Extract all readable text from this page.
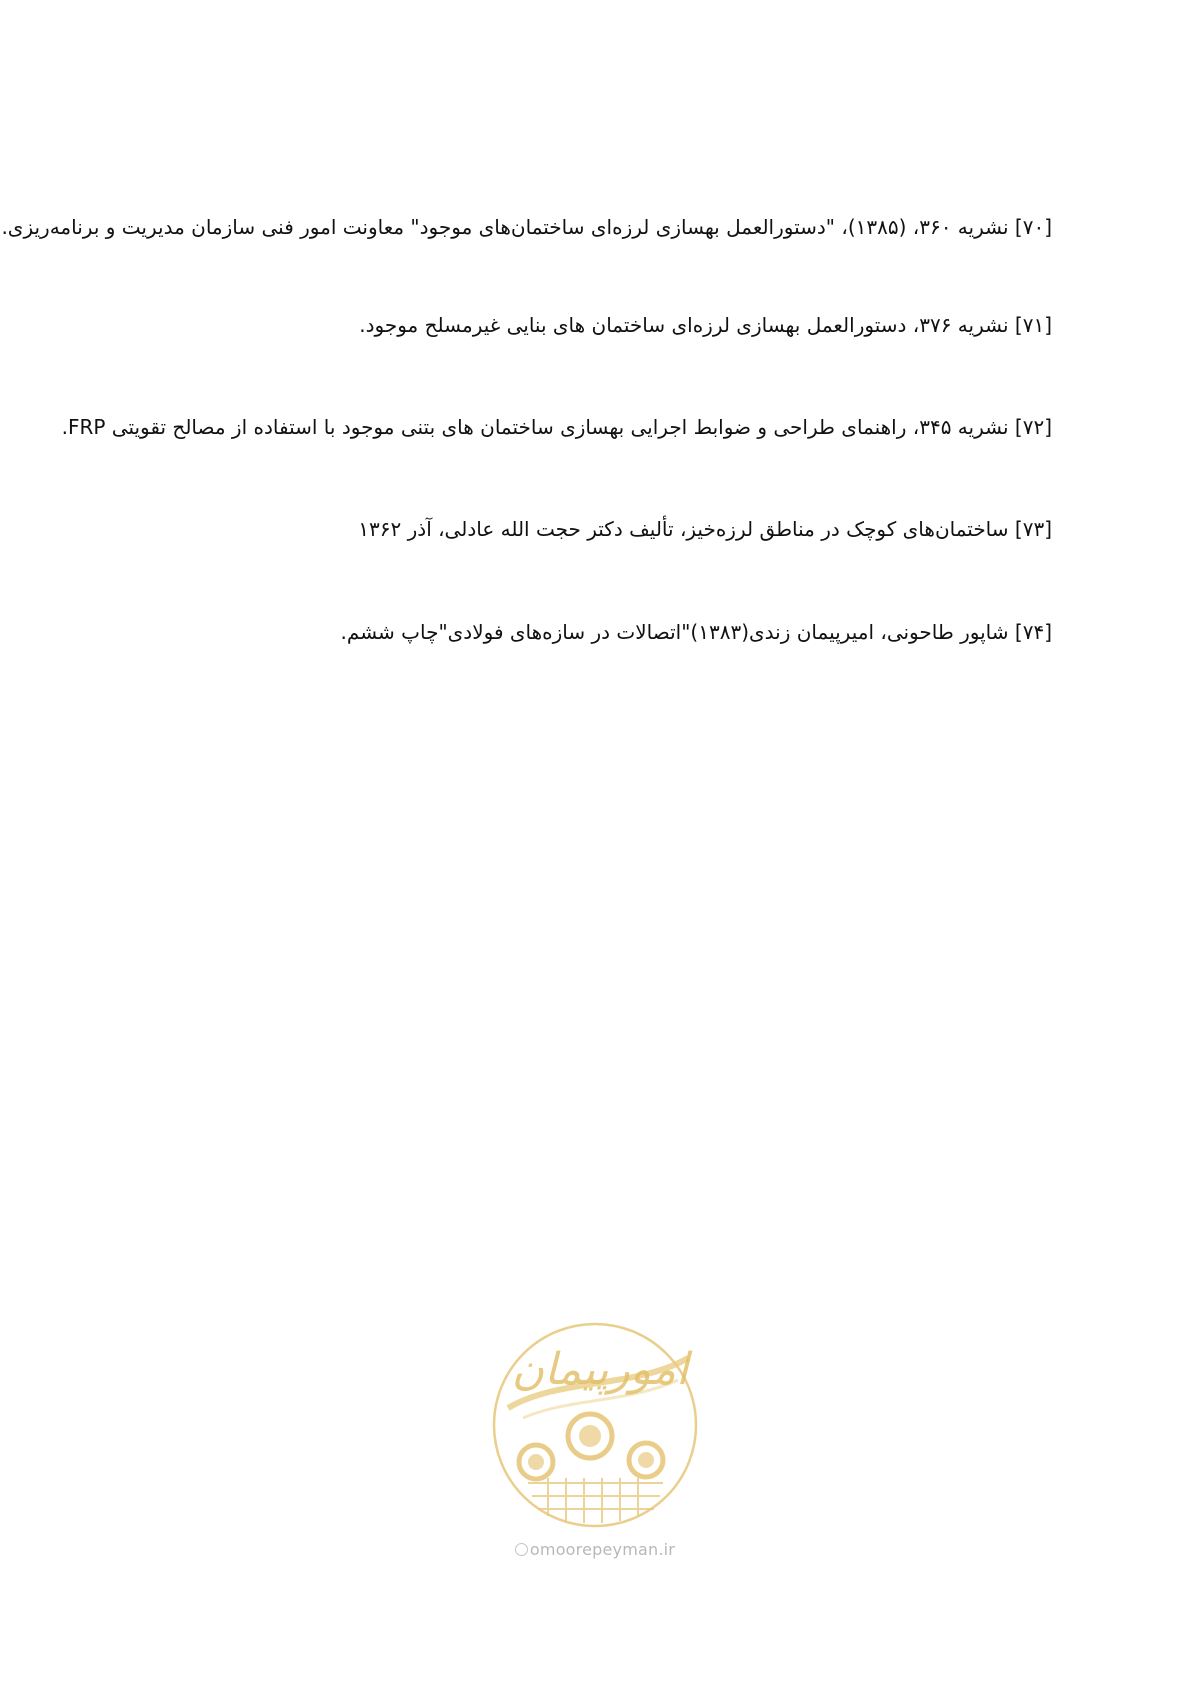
[۷۰] نشریه ۳۶۰، (۱۳۸۵)، "دستورالعمل بهسازی لرزه‌ای ساختمان‌های موجود" معاونت امور فنی سازمان مدیریت و برنامه‌ریزی.
[۷۱] نشریه ۳۷۶، دستورالعمل بهسازی لرزه‌ای ساختمان های بنایی غیرمسلح موجود.
[۷۲] نشریه ۳۴۵، راهنمای طراحی و ضوابط اجرایی بهسازی ساختمان های بتنی موجود با استفاده از مصالح تقویتی FRP.
[۷۳] ساختمان‌های کوچک در مناطق لرزه‌خیز، تألیف دکتر حجت الله عادلی، آذر ۱۳۶۲
[۷۴] شاپور طاحونی، امیرپیمان زندی(۱۳۸۳)"اتصالات در سازه‌های فولادی"چاپ ششم.
امورپیمان
omoorepeyman.ir
